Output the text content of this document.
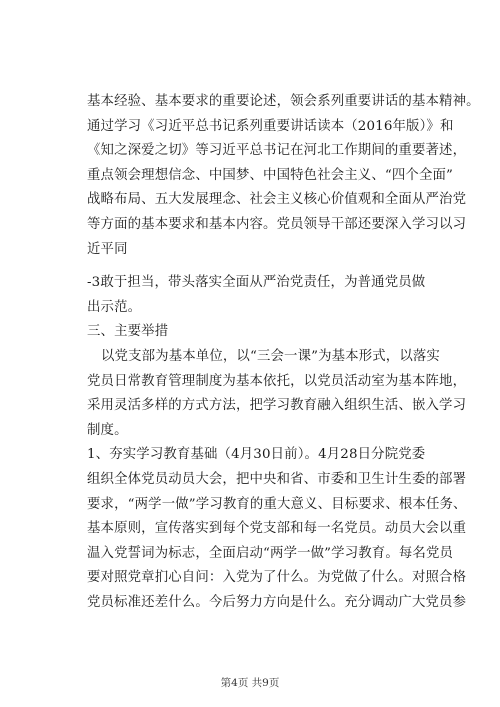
基本经验、基本要求的重要论述，领会系列重要讲话的基本精神。
通过学习《习近平总书记系列重要讲话读本（2016年版）》和
《知之深爱之切》等习近平总书记在河北工作期间的重要著述，
重点领会理想信念、中国梦、中国特色社会主义、“四个全面”
战略布局、五大发展理念、社会主义核心价值观和全面从严治党
等方面的基本要求和基本内容。党员领导干部还要深入学习以习
近平同
-3敢于担当，带头落实全面从严治党责任，为普通党员做
出示范。
三、主要举措
以党支部为基本单位，以“三会一课”为基本形式，以落实
党员日常教育管理制度为基本依托，以党员活动室为基本阵地，
采用灵活多样的方式方法，把学习教育融入组织生活、嵌入学习
制度。
1、夯实学习教育基础（4月30日前）。4月28日分院党委
组织全体党员动员大会，把中央和省、市委和卫生计生委的部署
要求，“两学一做”学习教育的重大意义、目标要求、根本任务、
基本原则，宣传落实到每个党支部和每一名党员。动员大会以重
温入党誓词为标志，全面启动“两学一做”学习教育。每名党员
要对照党章扪心自问：入党为了什么。为党做了什么。对照合格
党员标准还差什么。今后努力方向是什么。充分调动广大党员参
第4页 共9页
